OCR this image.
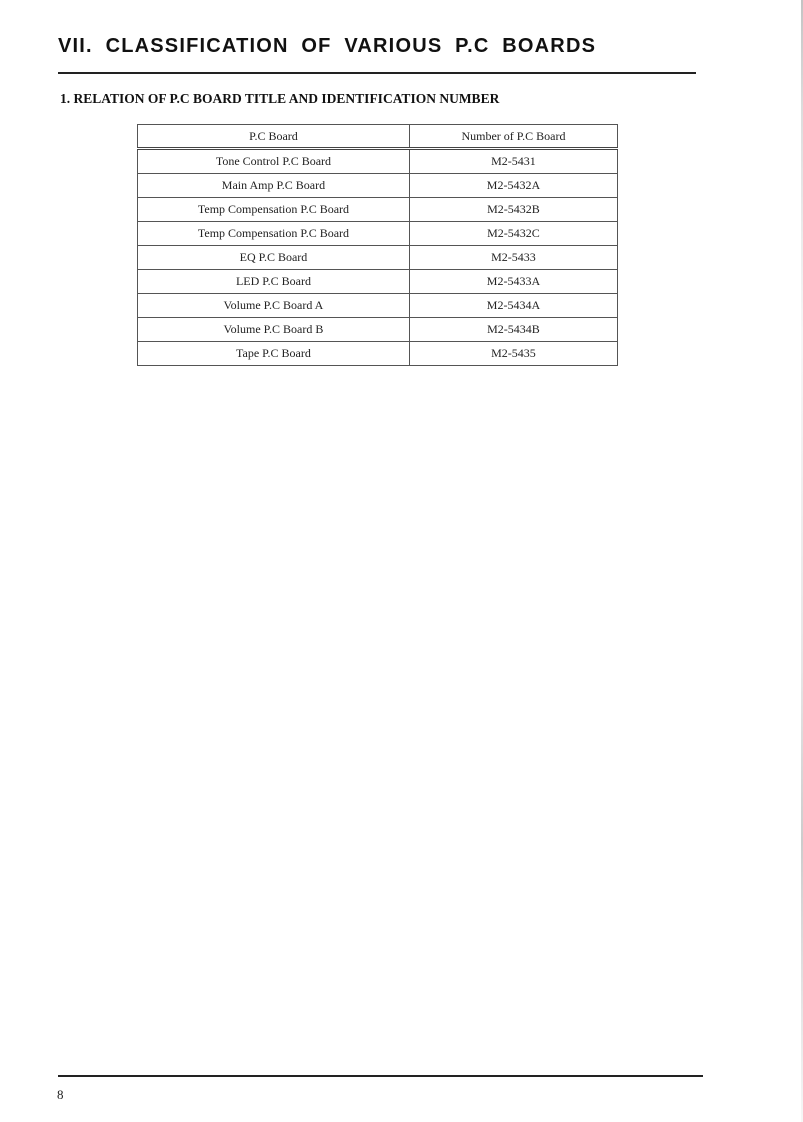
VII. CLASSIFICATION OF VARIOUS P.C BOARDS
1. RELATION OF P.C BOARD TITLE AND IDENTIFICATION NUMBER
P.C Board	Number of P.C Board
Tone Control P.C Board	M2-5431
Main Amp P.C Board	M2-5432A
Temp Compensation P.C Board	M2-5432B
Temp Compensation P.C Board	M2-5432C
EQ P.C Board	M2-5433
LED P.C Board	M2-5433A
Volume P.C Board A	M2-5434A
Volume P.C Board B	M2-5434B
Tape P.C Board	M2-5435
8
